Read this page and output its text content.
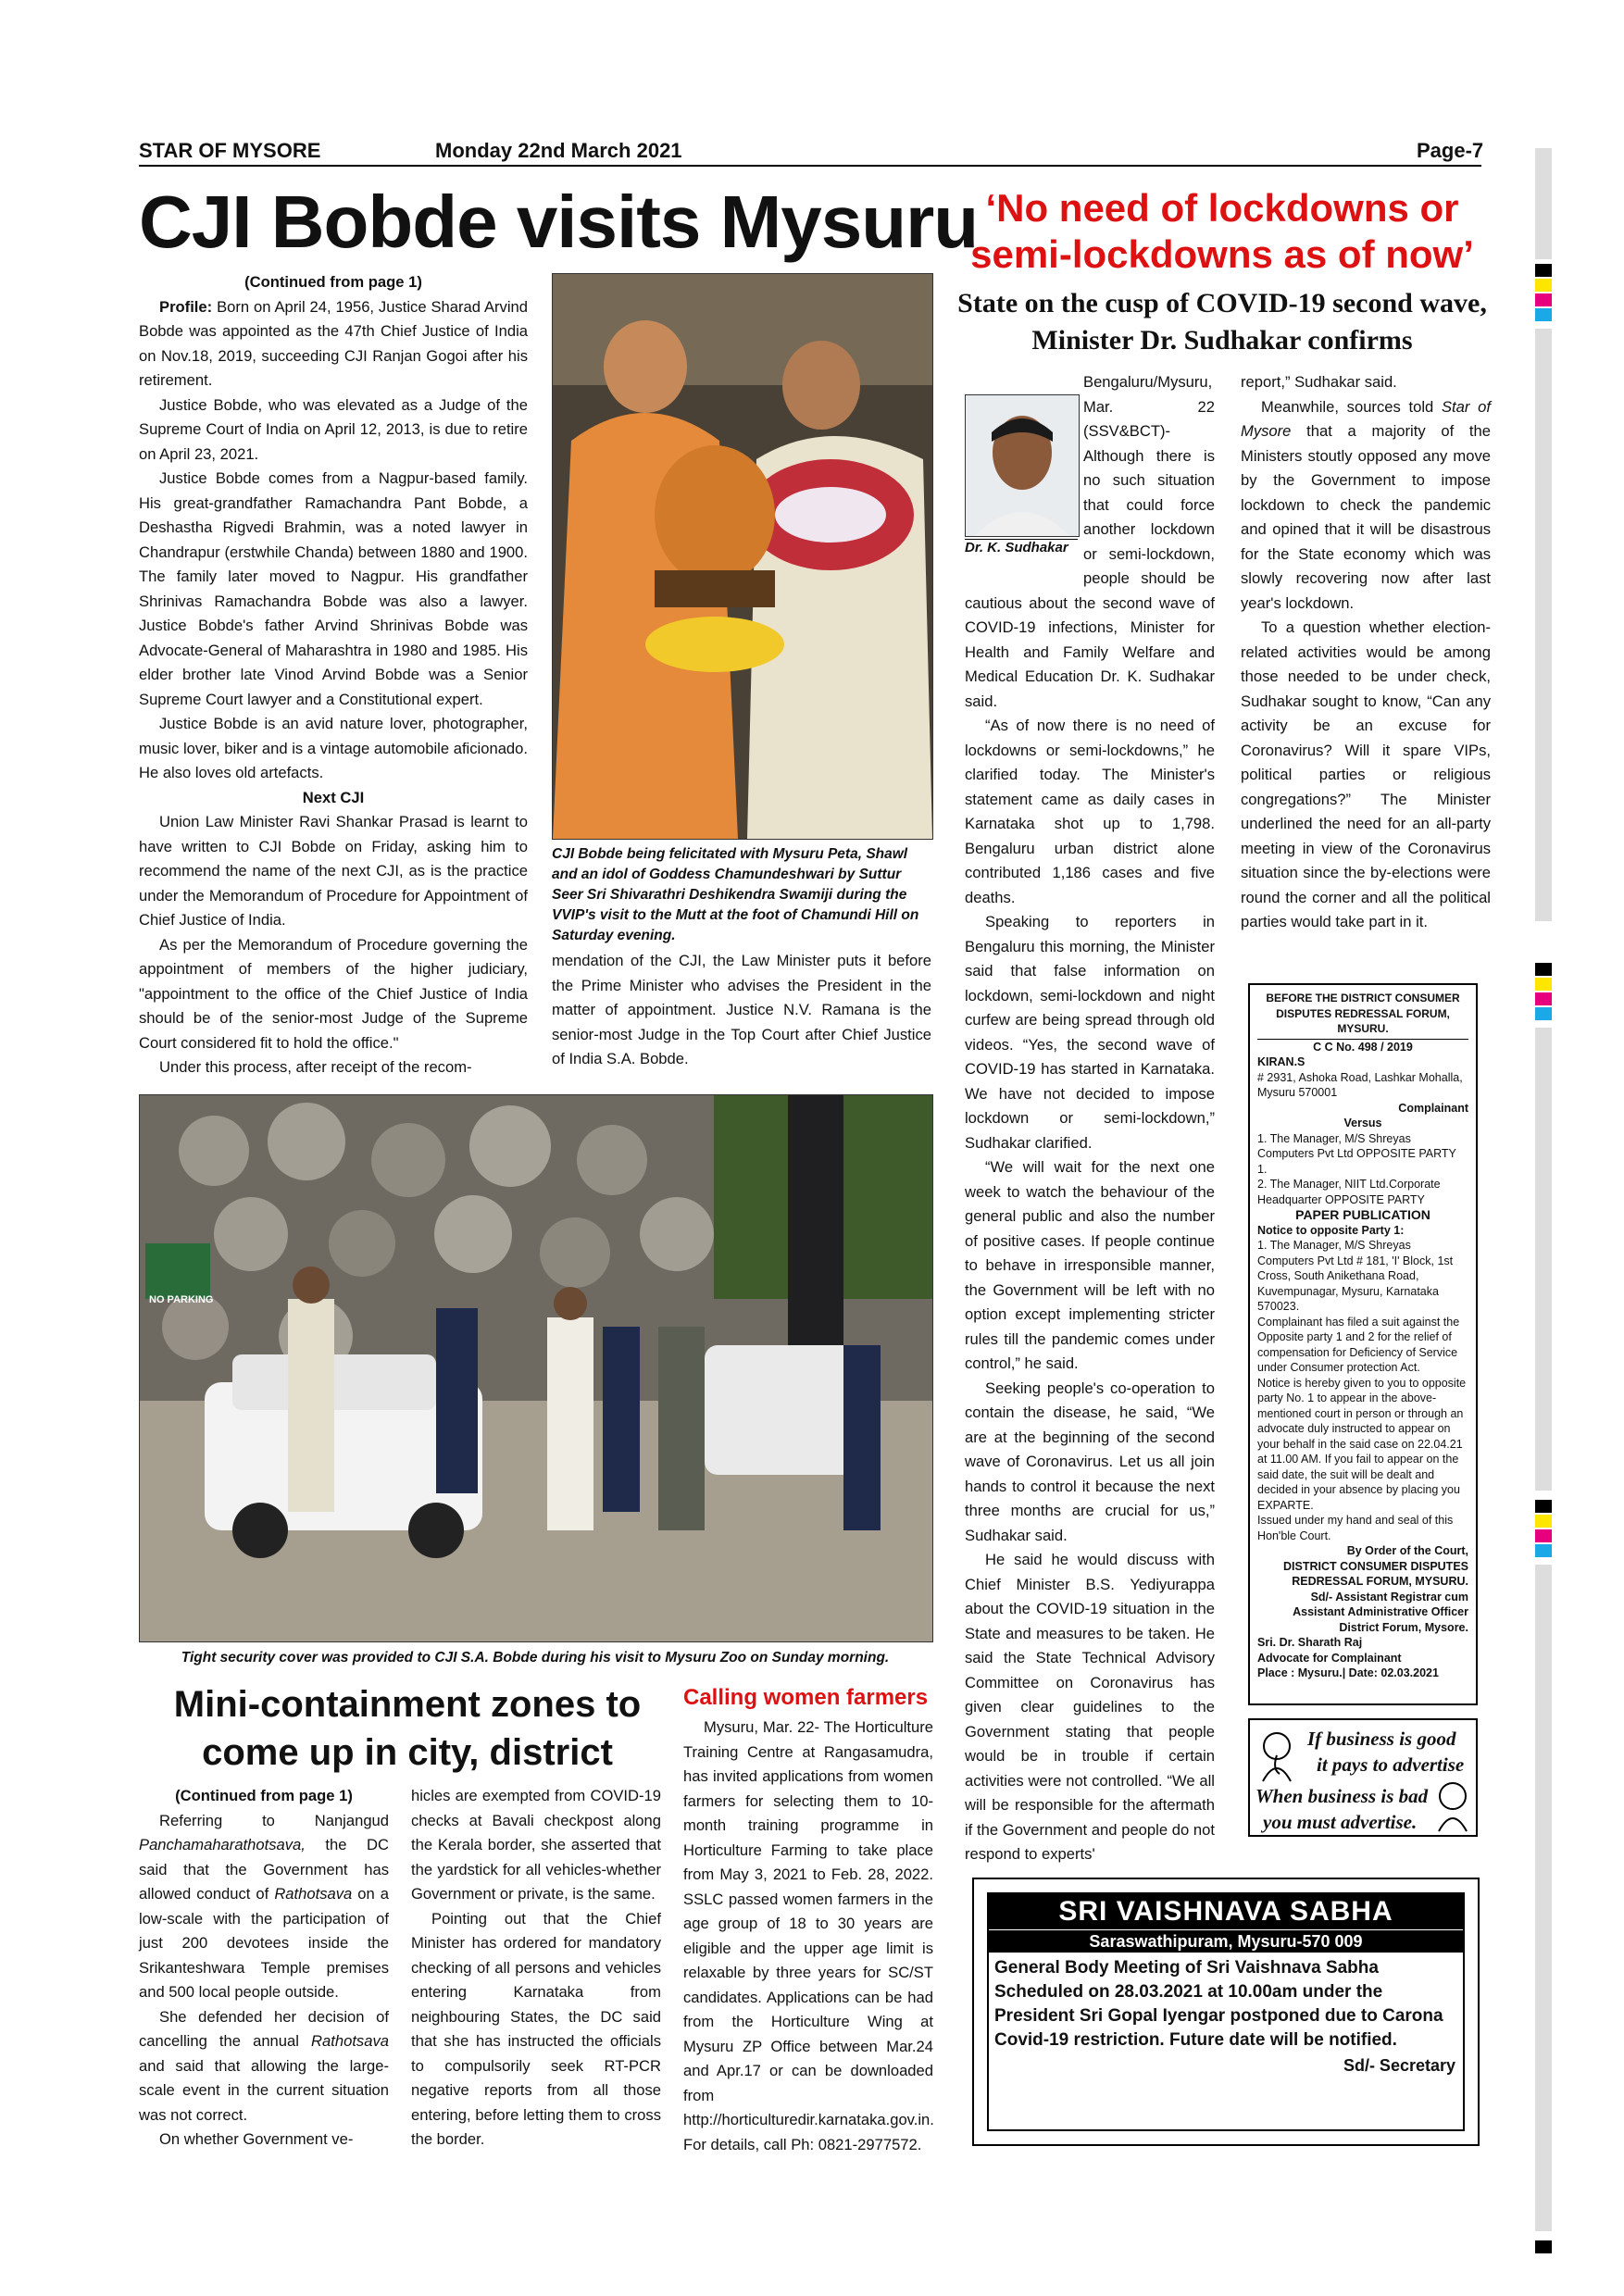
STAR OF MYSORE	Monday 22nd March 2021	Page-7
CJI Bobde visits Mysuru

(Continued from page 1)

Profile: Born on April 24, 1956, Justice Sharad Arvind Bobde was appointed as the 47th Chief Justice of India on Nov.18, 2019, succeeding CJI Ranjan Gogoi after his retirement.

Justice Bobde, who was elevated as a Judge of the Supreme Court of India on April 12, 2013, is due to retire on April 23, 2021.

Justice Bobde comes from a Nagpur-based family. His great-grandfather Ramachandra Pant Bobde, a Deshastha Rigvedi Brahmin, was a noted lawyer in Chandrapur (erstwhile Chanda) between 1880 and 1900. The family later moved to Nagpur. His grandfather Shrinivas Ramachandra Bobde was also a lawyer. Justice Bobde's father Arvind Shrinivas Bobde was Advocate-General of Maharashtra in 1980 and 1985. His elder brother late Vinod Arvind Bobde was a Senior Supreme Court lawyer and a Constitutional expert.

Justice Bobde is an avid nature lover, photographer, music lover, biker and is a vintage automobile aficionado. He also loves old artefacts.

Next CJI

Union Law Minister Ravi Shankar Prasad is learnt to have written to CJI Bobde on Friday, asking him to recommend the name of the next CJI, as is the practice under the Memorandum of Procedure for Appointment of Chief Justice of India.

As per the Memorandum of Procedure governing the appointment of members of the higher judiciary, "appointment to the office of the Chief Justice of India should be of the senior-most Judge of the Supreme Court considered fit to hold the office."

Under this process, after receipt of the recom-

CJI Bobde being felicitated with Mysuru Peta, Shawl and an idol of Goddess Chamundeshwari by Suttur Seer Sri Shivarathri Deshikendra Swamiji during the VVIP's visit to the Mutt at the foot of Chamundi Hill on Saturday evening.

mendation of the CJI, the Law Minister puts it before the Prime Minister who advises the President in the matter of appointment. Justice N.V. Ramana is the senior-most Judge in the Top Court after Chief Justice of India S.A. Bobde.

NO PARKING
Tight security cover was provided to CJI S.A. Bobde during his visit to Mysuru Zoo on Sunday morning.
Mini-containment zones to come up in city, district

(Continued from page 1)

Referring to Nanjangud Panchamaharathotsava, the DC said that the Government has allowed conduct of Rathotsava on a low-scale with the participation of just 200 devotees inside the Srikanteshwara Temple premises and 500 local people outside.

She defended her decision of cancelling the annual Rathotsava and said that allowing the large-scale event in the current situation was not correct.

On whether Government ve-

hicles are exempted from COVID-19 checks at Bavali checkpost along the Kerala border, she asserted that the yardstick for all vehicles-whether Government or private, is the same.

Pointing out that the Chief Minister has ordered for mandatory checking of all persons and vehicles entering Karnataka from neighbouring States, the DC said that she has instructed the officials to compulsorily seek RT-PCR negative reports from all those entering, before letting them to cross the border.

Calling women farmers

Mysuru, Mar. 22- The Horticulture Training Centre at Rangasamudra, has invited applications from women farmers for selecting them to 10-month training programme in Horticulture Farming to take place from May 3, 2021 to Feb. 28, 2022. SSLC passed women farmers in the age group of 18 to 30 years are eligible and the upper age limit is relaxable by three years for SC/ST candidates. Applications can be had from the Horticulture Wing at Mysuru ZP Office between Mar.24 and Apr.17 or can be downloaded from http://horticulturedir.karnataka.gov.in. For details, call Ph: 0821-2977572.

‘No need of lockdowns or semi-lockdowns as of now’
State on the cusp of COVID-19 second wave, Minister Dr. Sudhakar confirms
Dr. K. Sudhakar

Bengaluru/Mysuru, Mar. 22 (SSV&BCT)- Although there is no such situation that could force another lockdown or semi-lockdown, people should be cautious about the second wave of COVID-19 infections, Minister for Health and Family Welfare and Medical Education Dr. K. Sudhakar said.

“As of now there is no need of lockdowns or semi-lockdowns,” he clarified today. The Minister's statement came as daily cases in Karnataka shot up to 1,798. Bengaluru urban district alone contributed 1,186 cases and five deaths.

Speaking to reporters in Bengaluru this morning, the Minister said that false information on lockdown, semi-lockdown and night curfew are being spread through old videos. “Yes, the second wave of COVID-19 has started in Karnataka. We have not decided to impose lockdown or semi-lockdown,” Sudhakar clarified.

“We will wait for the next one week to watch the behaviour of the general public and also the number of positive cases. If people continue to behave in irresponsible manner, the Government will be left with no option except implementing stricter rules till the pandemic comes under control,” he said.

Seeking people's co-operation to contain the disease, he said, “We are at the beginning of the second wave of Coronavirus. Let us all join hands to control it because the next three months are crucial for us,” Sudhakar said.

He said he would discuss with Chief Minister B.S. Yediyurappa about the COVID-19 situation in the State and measures to be taken. He said the State Technical Advisory Committee on Coronavirus has given clear guidelines to the Government stating that people would be in trouble if certain activities were not controlled. “We all will be responsible for the aftermath if the Government and people do not respond to experts'

report,” Sudhakar said.

Meanwhile, sources told Star of Mysore that a majority of the Ministers stoutly opposed any move by the Government to impose lockdown to check the pandemic and opined that it will be disastrous for the State economy which was slowly recovering now after last year's lockdown.

To a question whether election-related activities would be among those needed to be under check, Sudhakar sought to know, “Can any activity be an excuse for Coronavirus? Will it spare VIPs, political parties or religious congregations?” The Minister underlined the need for an all-party meeting in view of the Coronavirus situation since the by-elections were round the corner and all the political parties would take part in it.

BEFORE THE DISTRICT CONSUMER

DISPUTES REDRESSAL FORUM, MYSURU.

C C No. 498 / 2019

KIRAN.S

# 2931, Ashoka Road, Lashkar Mohalla, Mysuru 570001

Complainant

Versus

1. The Manager, M/S Shreyas Computers Pvt Ltd OPPOSITE PARTY 1.

2. The Manager, NIIT Ltd.Corporate Headquarter OPPOSITE PARTY

PAPER PUBLICATION

Notice to opposite Party 1:

1. The Manager, M/S Shreyas Computers Pvt Ltd # 181, 'I' Block, 1st Cross, South Anikethana Road, Kuvempunagar, Mysuru, Karnataka 570023.

Complainant has filed a suit against the Opposite party 1 and 2 for the relief of compensation for Deficiency of Service under Consumer protection Act.

Notice is hereby given to you to opposite party No. 1 to appear in the above-mentioned court in person or through an advocate duly instructed to appear on your behalf in the said case on 22.04.21 at 11.00 AM. If you fail to appear on the said date, the suit will be dealt and decided in your absence by placing you EXPARTE.

Issued under my hand and seal of this Hon'ble Court.

By Order of the Court,

DISTRICT CONSUMER DISPUTES REDRESSAL FORUM, MYSURU.

Sd/- Assistant Registrar cum

Assistant Administrative Officer

District Forum, Mysore.

Sri. Dr. Sharath Raj

Advocate for Complainant

Place : Mysuru.| Date: 02.03.2021

If business is good
it pays to advertise
When business is bad
you must advertise.
SRI VAISHNAVA SABHA
Saraswathipuram, Mysuru-570 009
General Body Meeting of Sri Vaishnava Sabha Scheduled on 28.03.2021 at 10.00am under the President Sri Gopal Iyengar postponed due to Carona Covid-19 restriction. Future date will be notified.
Sd/- Secretary
